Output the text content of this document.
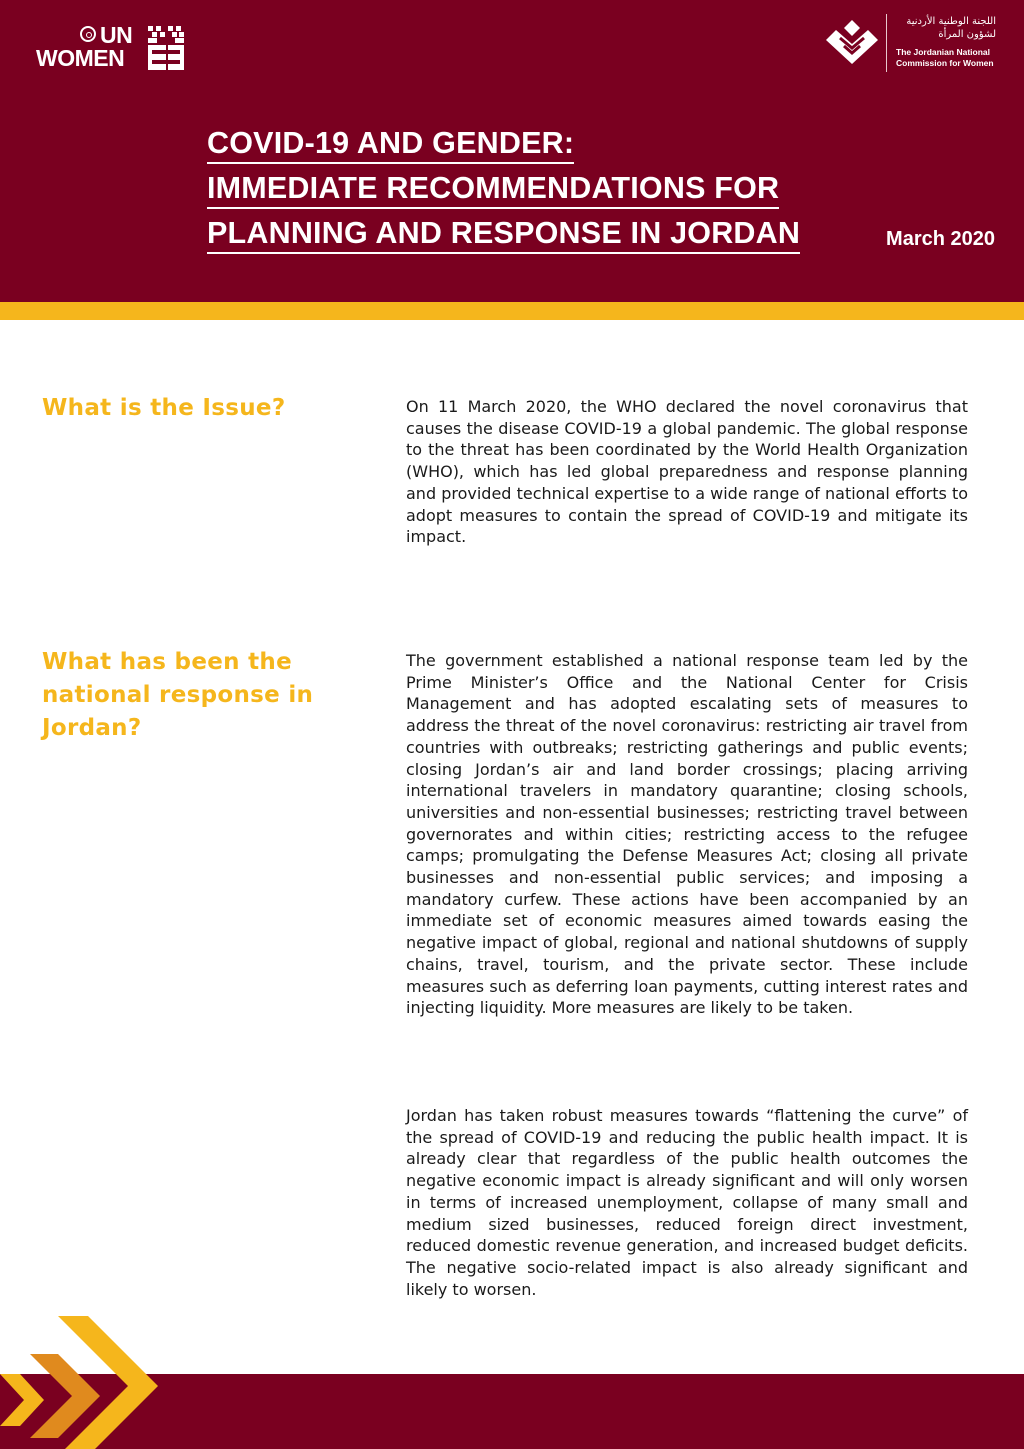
UN
WOMEN
اللجنة الوطنية الأردنية
لشؤون المرأة
The Jordanian National
Commission for Women
COVID-19 AND GENDER:
IMMEDIATE RECOMMENDATIONS FOR
PLANNING AND RESPONSE IN JORDAN	March 2020
What is the Issue?	On 11 March 2020, the WHO declared the novel coronavirus that causes the disease COVID-19 a global pandemic. The global response to the threat has been coordinated by the World Health Organization (WHO), which has led global preparedness and response planning and provided technical expertise to a wide range of national efforts to adopt measures to contain the spread of COVID-19 and mitigate its impact.

What has been the national response in Jordan?

The government established a national response team led by the Prime Minister’s Office and the National Center for Crisis Management and has adopted escalating sets of measures to address the threat of the novel coronavirus: restricting air travel from countries with outbreaks; restricting gatherings and public events; closing Jordan’s air and land border crossings; placing arriving international travelers in mandatory quarantine; closing schools, universities and non-essential businesses; restricting travel between governorates and within cities; restricting access to the refugee camps; promulgating the Defense Measures Act; closing all private businesses and non-essential public services; and imposing a mandatory curfew. These actions have been accompanied by an immediate set of economic measures aimed towards easing the negative impact of global, regional and national shutdowns of supply chains, travel, tourism, and the private sector. These include measures such as deferring loan payments, cutting interest rates and injecting liquidity. More measures are likely to be taken.

Jordan has taken robust measures towards “flattening the curve” of the spread of COVID-19 and reducing the public health impact. It is already clear that regardless of the public health outcomes the negative economic impact is already significant and will only worsen in terms of increased unemployment, collapse of many small and medium sized businesses, reduced foreign direct investment, reduced domestic revenue generation, and increased budget deficits. The negative socio-related impact is also already significant and likely to worsen.
